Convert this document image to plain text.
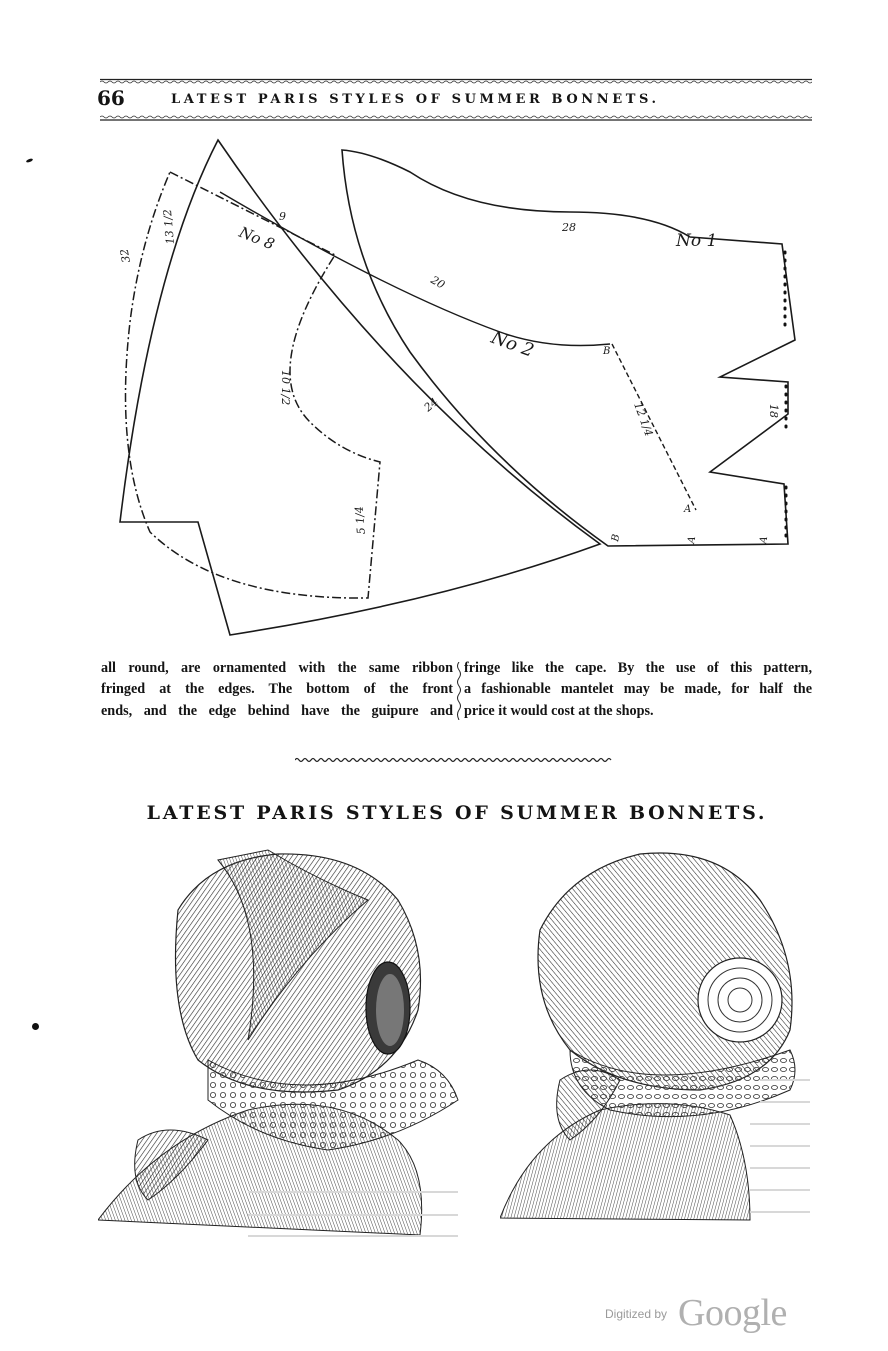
66	LATEST PARIS STYLES OF SUMMER BONNETS.
No 1
No 2
No 8	28
20
24	12 1/4	18
9
10 1/2
5 1/4
13 1/2
32
B
B
A
A	A
all round, are ornamented with the same ribbon
fringed at the edges. The bottom of the front
ends, and the edge behind have the guipure and
fringe like the cape. By the use of this pattern,
a fashionable mantelet may be made, for half the
price it would cost at the shops.
LATEST PARIS STYLES OF SUMMER BONNETS.
Digitized by Google
